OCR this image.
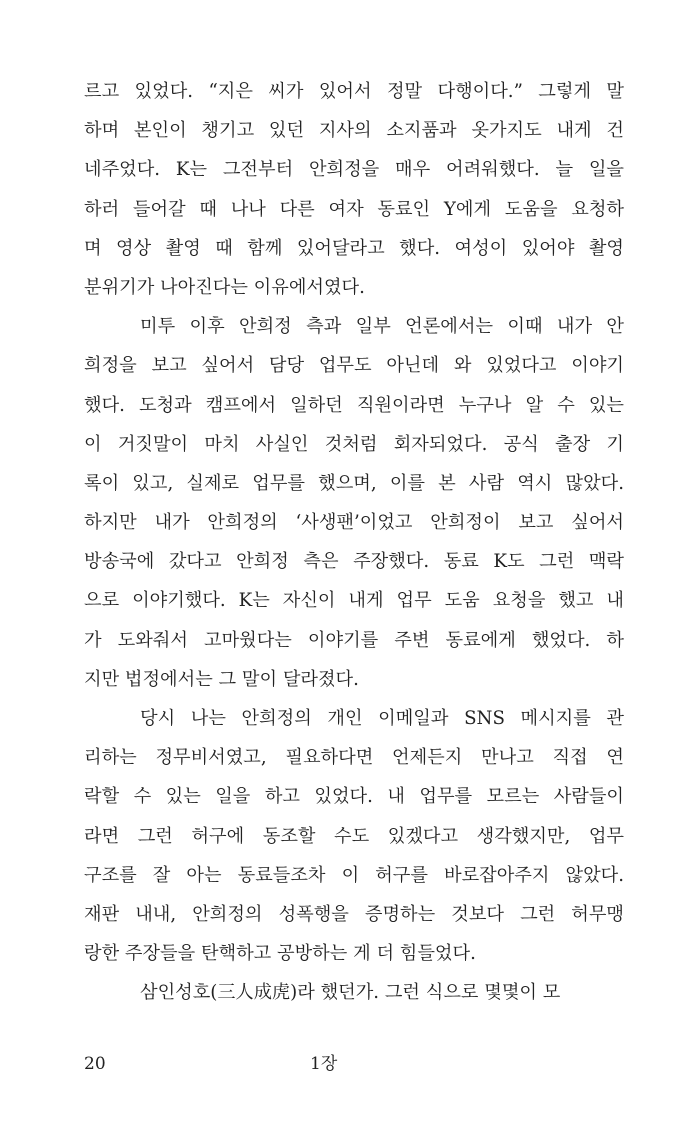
르고 있었다. “지은 씨가 있어서 정말 다행이다.” 그렇게 말
하며 본인이 챙기고 있던 지사의 소지품과 옷가지도 내게 건
네주었다. K는 그전부터 안희정을 매우 어려워했다. 늘 일을
하러 들어갈 때 나나 다른 여자 동료인 Y에게 도움을 요청하
며 영상 촬영 때 함께 있어달라고 했다. 여성이 있어야 촬영
분위기가 나아진다는 이유에서였다.
미투 이후 안희정 측과 일부 언론에서는 이때 내가 안
희정을 보고 싶어서 담당 업무도 아닌데 와 있었다고 이야기
했다. 도청과 캠프에서 일하던 직원이라면 누구나 알 수 있는
이 거짓말이 마치 사실인 것처럼 회자되었다. 공식 출장 기
록이 있고, 실제로 업무를 했으며, 이를 본 사람 역시 많았다.
하지만 내가 안희정의 ‘사생팬’이었고 안희정이 보고 싶어서
방송국에 갔다고 안희정 측은 주장했다. 동료 K도 그런 맥락
으로 이야기했다. K는 자신이 내게 업무 도움 요청을 했고 내
가 도와줘서 고마웠다는 이야기를 주변 동료에게 했었다. 하
지만 법정에서는 그 말이 달라졌다.
당시 나는 안희정의 개인 이메일과 SNS 메시지를 관
리하는 정무비서였고, 필요하다면 언제든지 만나고 직접 연
락할 수 있는 일을 하고 있었다. 내 업무를 모르는 사람들이
라면 그런 허구에 동조할 수도 있겠다고 생각했지만, 업무
구조를 잘 아는 동료들조차 이 허구를 바로잡아주지 않았다.
재판 내내, 안희정의 성폭행을 증명하는 것보다 그런 허무맹
랑한 주장들을 탄핵하고 공방하는 게 더 힘들었다.
삼인성호(三人成虎)라 했던가. 그런 식으로 몇몇이 모

20	1장
